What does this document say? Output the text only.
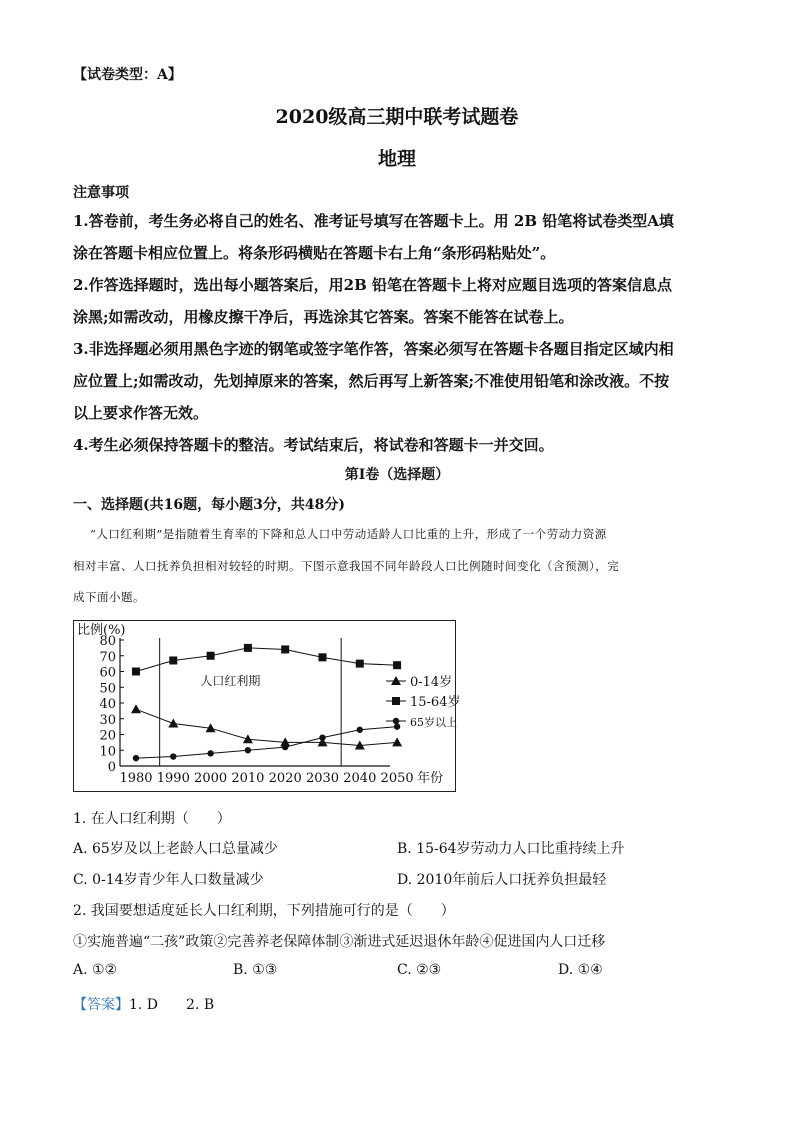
【试卷类型：A】
2020级高三期中联考试题卷
地理
注意事项
1.答卷前，考生务必将自己的姓名、准考证号填写在答题卡上。用 2B 铅笔将试卷类型A填
涂在答题卡相应位置上。将条形码横贴在答题卡右上角“条形码粘贴处”。
2.作答选择题时，选出每小题答案后，用2B 铅笔在答题卡上将对应题目选项的答案信息点
涂黑;如需改动，用橡皮擦干净后，再选涂其它答案。答案不能答在试卷上。
3.非选择题必须用黑色字迹的钢笔或签字笔作答，答案必须写在答题卡各题目指定区域内相
应位置上;如需改动，先划掉原来的答案，然后再写上新答案;不准使用铅笔和涂改液。不按
以上要求作答无效。
4.考生必须保持答题卡的整洁。考试结束后，将试卷和答题卡一并交回。
第Ⅰ卷（选择题）
一、选择题(共16题，每小题3分，共48分)
“人口红利期”是指随着生育率的下降和总人口中劳动适龄人口比重的上升，形成了一个劳动力资源
相对丰富、人口抚养负担相对较轻的时期。下图示意我国不同年龄段人口比例随时间变化（含预测），完
成下面小题。
比例(%)
0
10
20
30
40
50
60
70
80
1980 1990 2000 2010 2020 2030 2040 2050 年份
人口红利期	0-14岁
15-64岁
65岁以上
1. 在人口红利期（　　）
A. 65岁及以上老龄人口总量减少	B. 15-64岁劳动力人口比重持续上升
C. 0-14岁青少年人口数量减少	D. 2010年前后人口抚养负担最轻
2. 我国要想适度延长人口红利期，下列措施可行的是（　　）
①实施普遍“二孩”政策②完善养老保障体制③渐进式延迟退休年龄④促进国内人口迁移
A. ①②	B. ①③	C. ②③	D. ①④
【答案】1. D　　2. B
